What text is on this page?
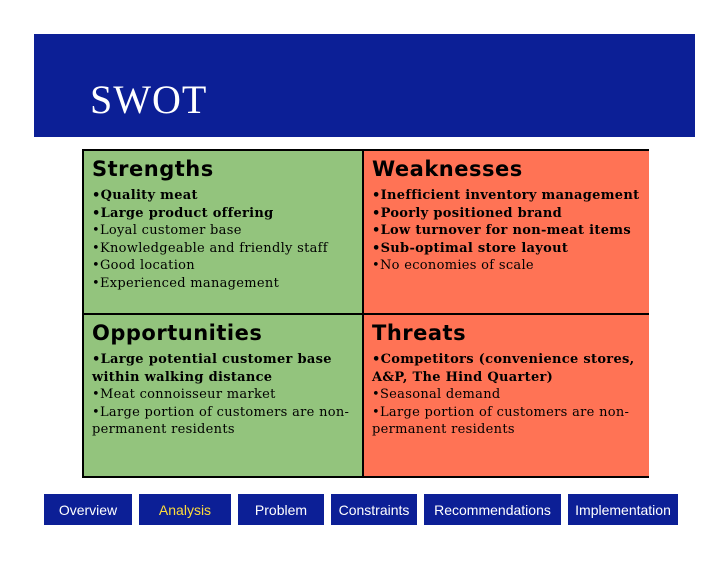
SWOT
Strengths
•Quality meat
•Large product offering
•Loyal customer base
•Knowledgeable and friendly staff
•Good location
•Experienced management
Weaknesses
•Inefficient inventory management
•Poorly positioned brand
•Low turnover for non-meat items
•Sub-optimal store layout
•No economies of scale
Opportunities
•Large potential customer base within walking distance
•Meat connoisseur market
•Large portion of customers are non-permanent residents
Threats
•Competitors (convenience stores, A&P, The Hind Quarter)
•Seasonal demand
•Large portion of customers are non-permanent residents
Overview	Analysis	Problem	Constraints	Recommendations	Implementation
